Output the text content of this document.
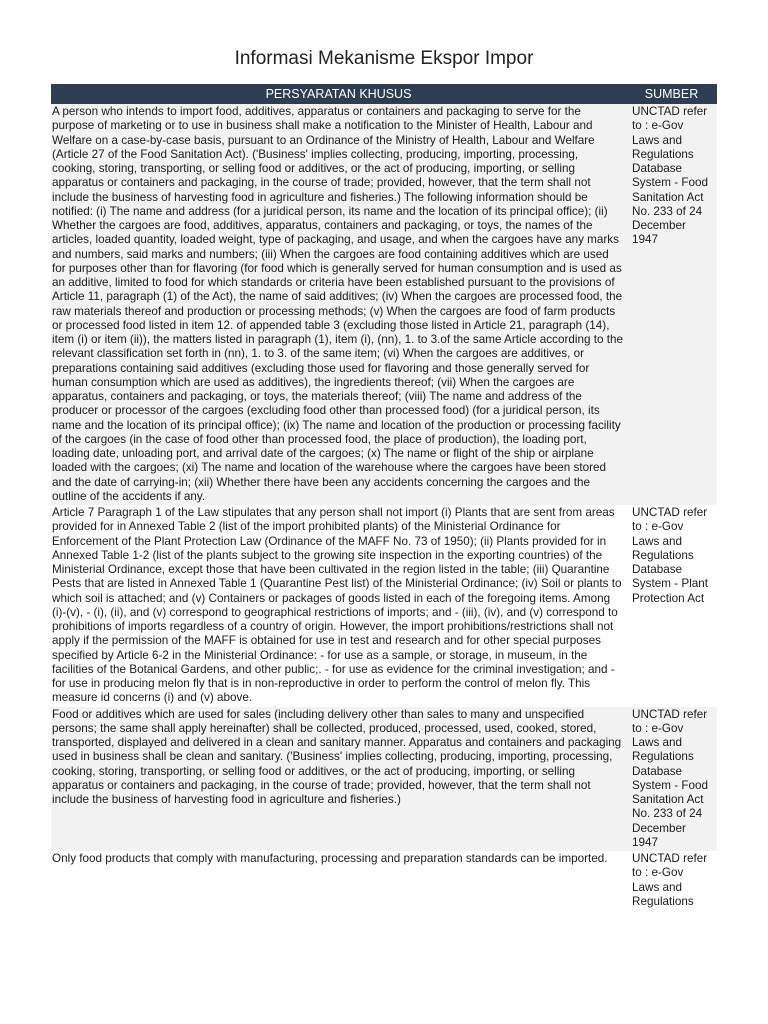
Informasi Mekanisme Ekspor Impor
PERSYARATAN KHUSUS	SUMBER
A person who intends to import food, additives, apparatus or containers and packaging to serve for the purpose of marketing or to use in business shall make a notification to the Minister of Health, Labour and Welfare on a case-by-case basis, pursuant to an Ordinance of the Ministry of Health, Labour and Welfare (Article 27 of the Food Sanitation Act). ('Business' implies collecting, producing, importing, processing, cooking, storing, transporting, or selling food or additives, or the act of producing, importing, or selling apparatus or containers and packaging, in the course of trade; provided, however, that the term shall not include the business of harvesting food in agriculture and fisheries.) The following information should be notified: (i) The name and address (for a juridical person, its name and the location of its principal office); (ii) Whether the cargoes are food, additives, apparatus, containers and packaging, or toys, the names of the articles, loaded quantity, loaded weight, type of packaging, and usage, and when the cargoes have any marks and numbers, said marks and numbers; (iii) When the cargoes are food containing additives which are used for purposes other than for flavoring (for food which is generally served for human consumption and is used as an additive, limited to food for which standards or criteria have been established pursuant to the provisions of Article 11, paragraph (1) of the Act), the name of said additives; (iv) When the cargoes are processed food, the raw materials thereof and production or processing methods; (v) When the cargoes are food of farm products or processed food listed in item 12. of appended table 3 (excluding those listed in Article 21, paragraph (14), item (i) or item (ii)), the matters listed in paragraph (1), item (i), (nn), 1. to 3.of the same Article according to the relevant classification set forth in (nn), 1. to 3. of the same item; (vi) When the cargoes are additives, or preparations containing said additives (excluding those used for flavoring and those generally served for human consumption which are used as additives), the ingredients thereof; (vii) When the cargoes are apparatus, containers and packaging, or toys, the materials thereof; (viii) The name and address of the producer or processor of the cargoes (excluding food other than processed food) (for a juridical person, its name and the location of its principal office); (ix) The name and location of the production or processing facility of the cargoes (in the case of food other than processed food, the place of production), the loading port, loading date, unloading port, and arrival date of the cargoes; (x) The name or flight of the ship or airplane loaded with the cargoes; (xi) The name and location of the warehouse where the cargoes have been stored and the date of carrying-in; (xii) Whether there have been any accidents concerning the cargoes and the outline of the accidents if any.	UNCTAD refer to : e-Gov Laws and Regulations Database System - Food Sanitation Act No. 233 of 24 December 1947
Article 7 Paragraph 1 of the Law stipulates that any person shall not import (i) Plants that are sent from areas provided for in Annexed Table 2 (list of the import prohibited plants) of the Ministerial Ordinance for Enforcement of the Plant Protection Law (Ordinance of the MAFF No. 73 of 1950); (ii) Plants provided for in Annexed Table 1-2 (list of the plants subject to the growing site inspection in the exporting countries) of the Ministerial Ordinance, except those that have been cultivated in the region listed in the table; (iii) Quarantine Pests that are listed in Annexed Table 1 (Quarantine Pest list) of the Ministerial Ordinance; (iv) Soil or plants to which soil is attached; and (v) Containers or packages of goods listed in each of the foregoing items. Among (i)-(v), - (i), (ii), and (v) correspond to geographical restrictions of imports; and - (iii), (iv), and (v) correspond to prohibitions of imports regardless of a country of origin. However, the import prohibitions/restrictions shall not apply if the permission of the MAFF is obtained for use in test and research and for other special purposes specified by Article 6-2 in the Ministerial Ordinance: - for use as a sample, or storage, in museum, in the facilities of the Botanical Gardens, and other public;. - for use as evidence for the criminal investigation; and - for use in producing melon fly that is in non-reproductive in order to perform the control of melon fly. This measure id concerns (i) and (v) above.	UNCTAD refer to : e-Gov Laws and Regulations Database System - Plant Protection Act
Food or additives which are used for sales (including delivery other than sales to many and unspecified persons; the same shall apply hereinafter) shall be collected, produced, processed, used, cooked, stored, transported, displayed and delivered in a clean and sanitary manner. Apparatus and containers and packaging used in business shall be clean and sanitary. ('Business' implies collecting, producing, importing, processing, cooking, storing, transporting, or selling food or additives, or the act of producing, importing, or selling apparatus or containers and packaging, in the course of trade; provided, however, that the term shall not include the business of harvesting food in agriculture and fisheries.)	UNCTAD refer to : e-Gov Laws and Regulations Database System - Food Sanitation Act No. 233 of 24 December 1947
Only food products that comply with manufacturing, processing and preparation standards can be imported.	UNCTAD refer to : e-Gov Laws and Regulations
